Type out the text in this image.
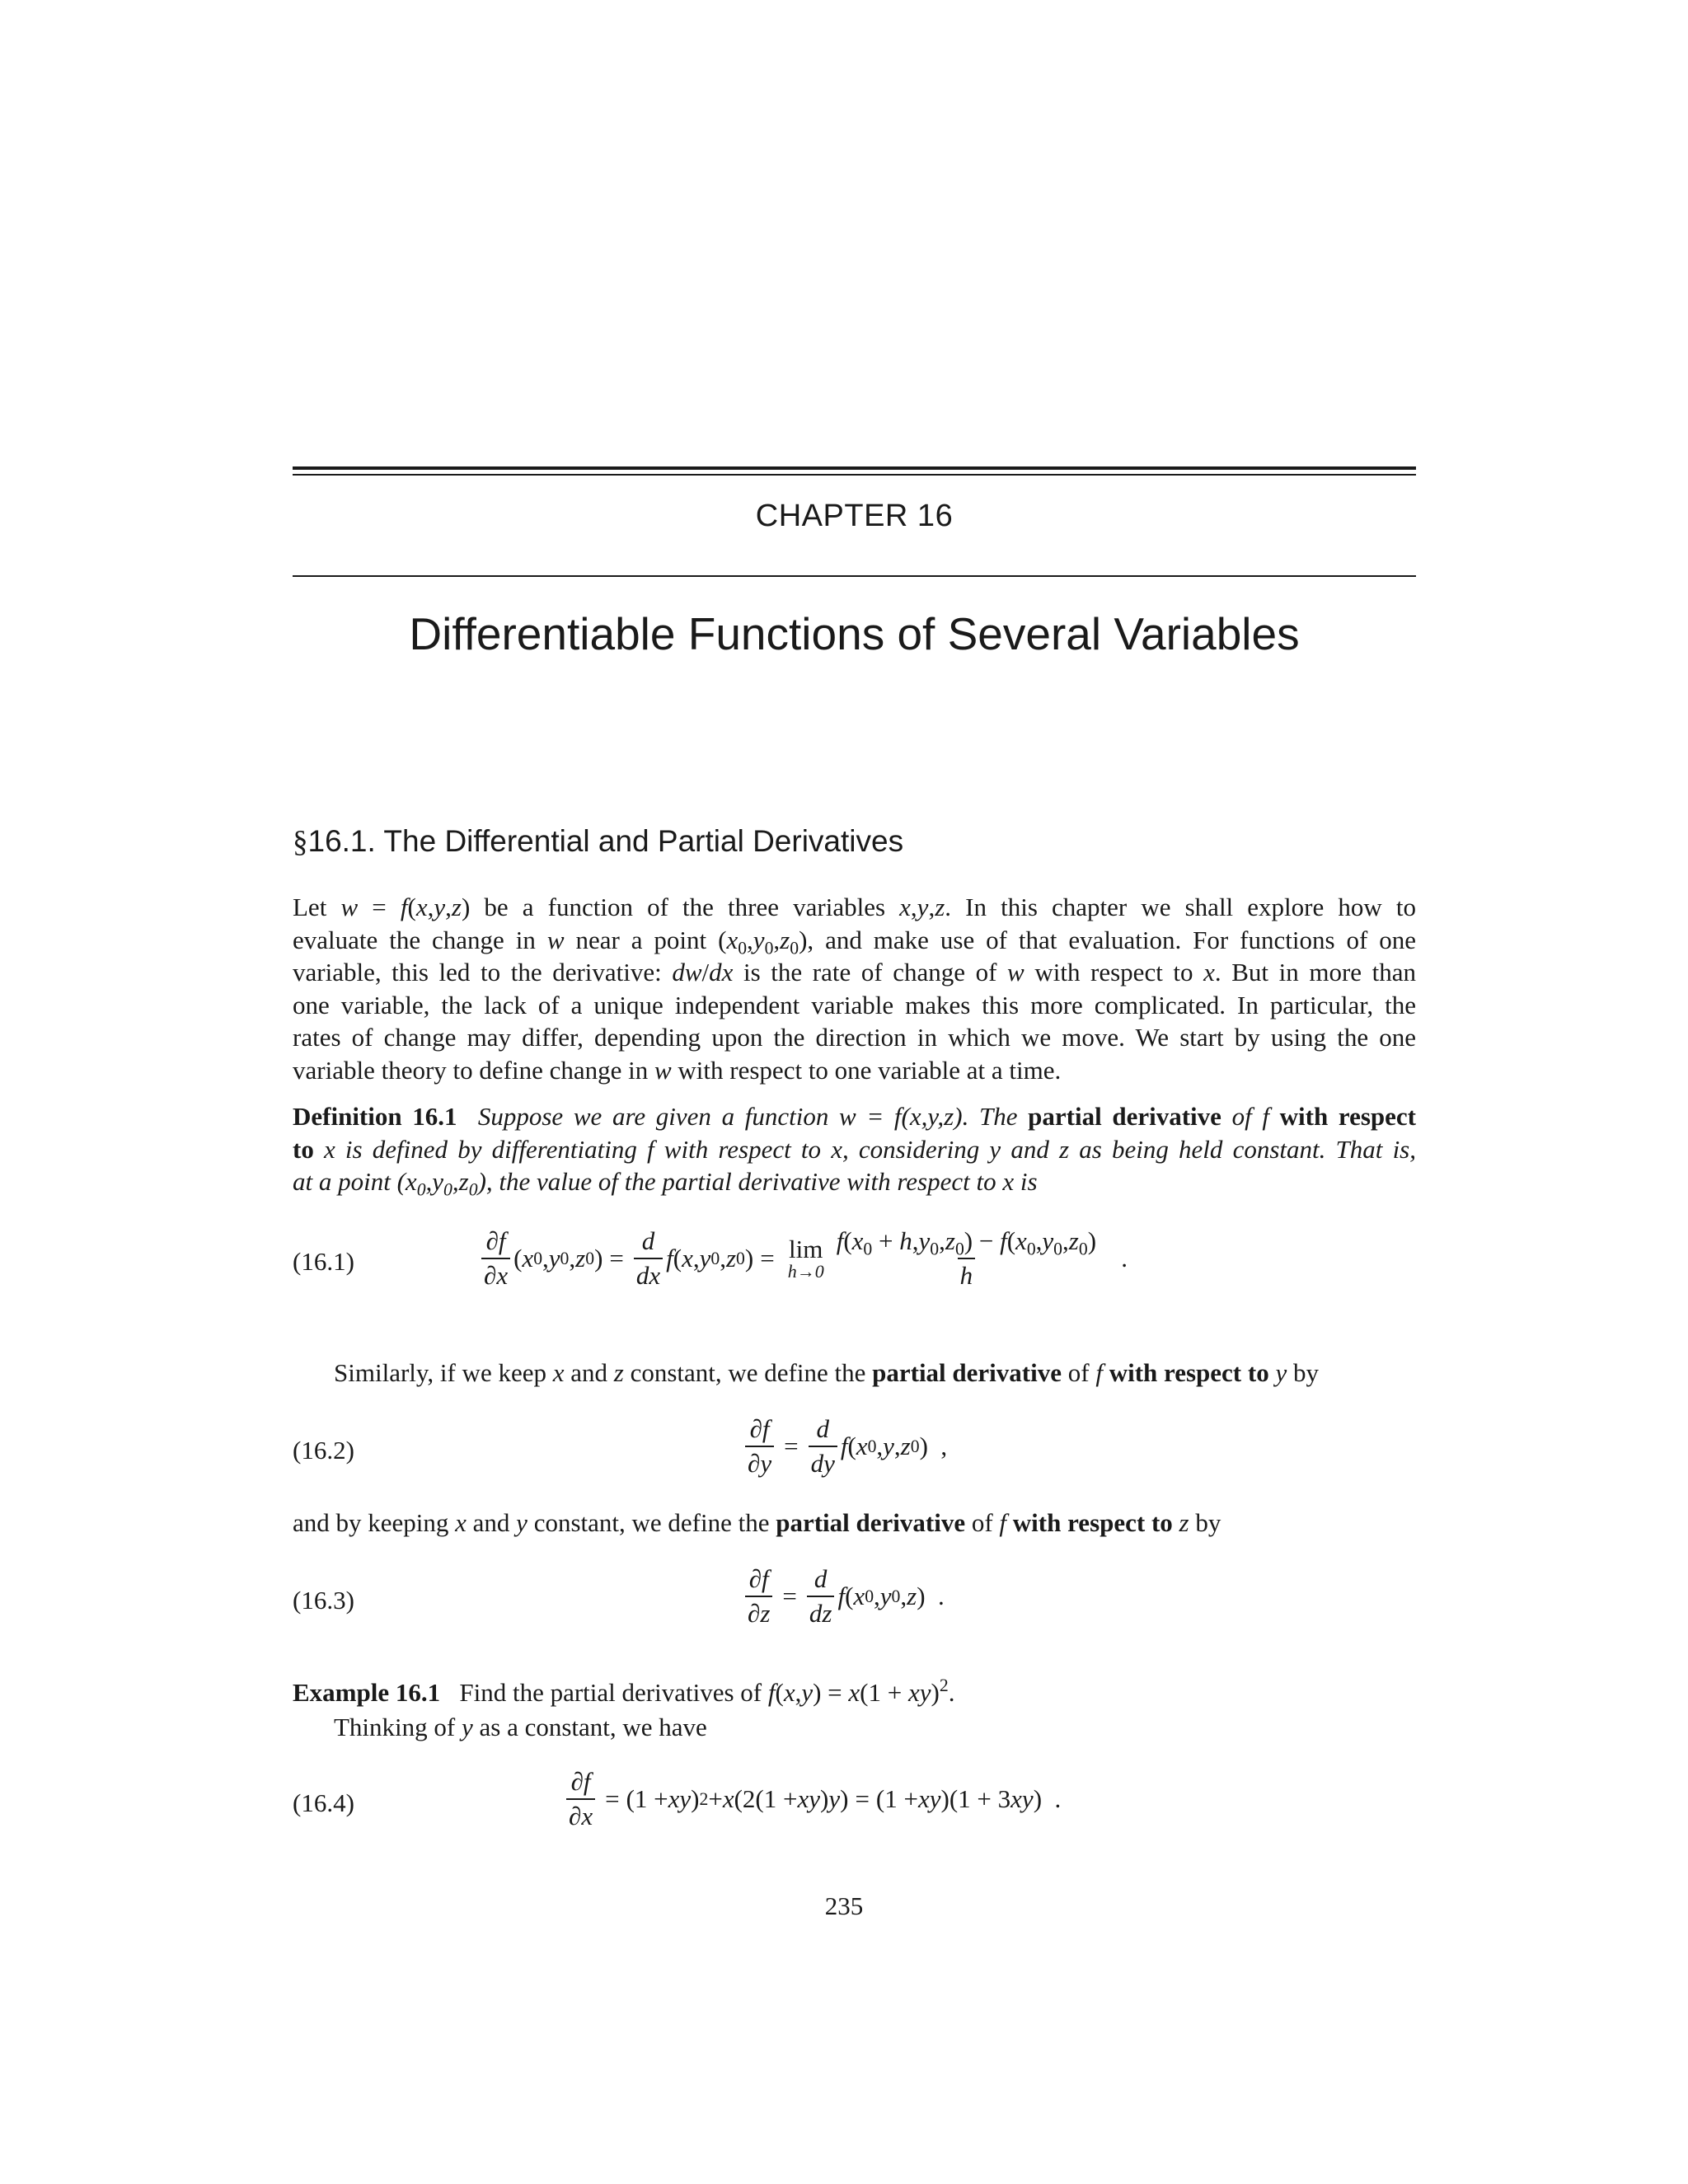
CHAPTER 16
Differentiable Functions of Several Variables
§16.1. The Differential and Partial Derivatives
Let w = f(x,y,z) be a function of the three variables x,y,z. In this chapter we shall explore how to
evaluate the change in w near a point $(x_0,y_0,z_0)$, and make use of that evaluation. For functions of one
variable, this led to the derivative: dw/dx is the rate of change of w with respect to x. But in more than
one variable, the lack of a unique independent variable makes this more complicated. In particular, the
rates of change may differ, depending upon the direction in which we move. We start by using the one
variable theory to define change in w with respect to one variable at a time.
Definition 16.1 Suppose we are given a function w = f(x,y,z). The partial derivative of f with respect
to x is defined by differentiating f with respect to x, considering y and z as being held constant. That is,
at a point $(x_0,y_0,z_0)$, the value of the partial derivative with respect to x is
(16.1)	$\frac{\partial f}{\partial x}$ ( x 0 , y 0 , z 0 ) = $\frac{d}{dx}$ f ( x , y 0 , z 0 ) = lim
$h\to 0 \frac{f(x_0 + h,y_0,z_0) - f(x_0,y_0,z_0)}{h}$ .
Similarly, if we keep x and z constant, we define the partial derivative of f with respect to y by
(16.2)	$\frac{\partial f}{\partial y} = \frac{d}{dy}$ f ( x 0 , y , z 0 )  ,
and by keeping x and y constant, we define the partial derivative of f with respect to z by
(16.3)	$\frac{\partial f}{\partial z} = \frac{d}{dz}$ f ( x 0 , y 0 , z )  .
Example 16.1 Find the partial derivatives of f(x,y) = x(1 + xy)$^2$.
Thinking of y as a constant, we have
(16.4)	$\frac{\partial f}{\partial x} = (1$ + xy ) 2 + x (2(1 + xy ) y ) = (1 + xy )(1 + 3 xy )  .
235
